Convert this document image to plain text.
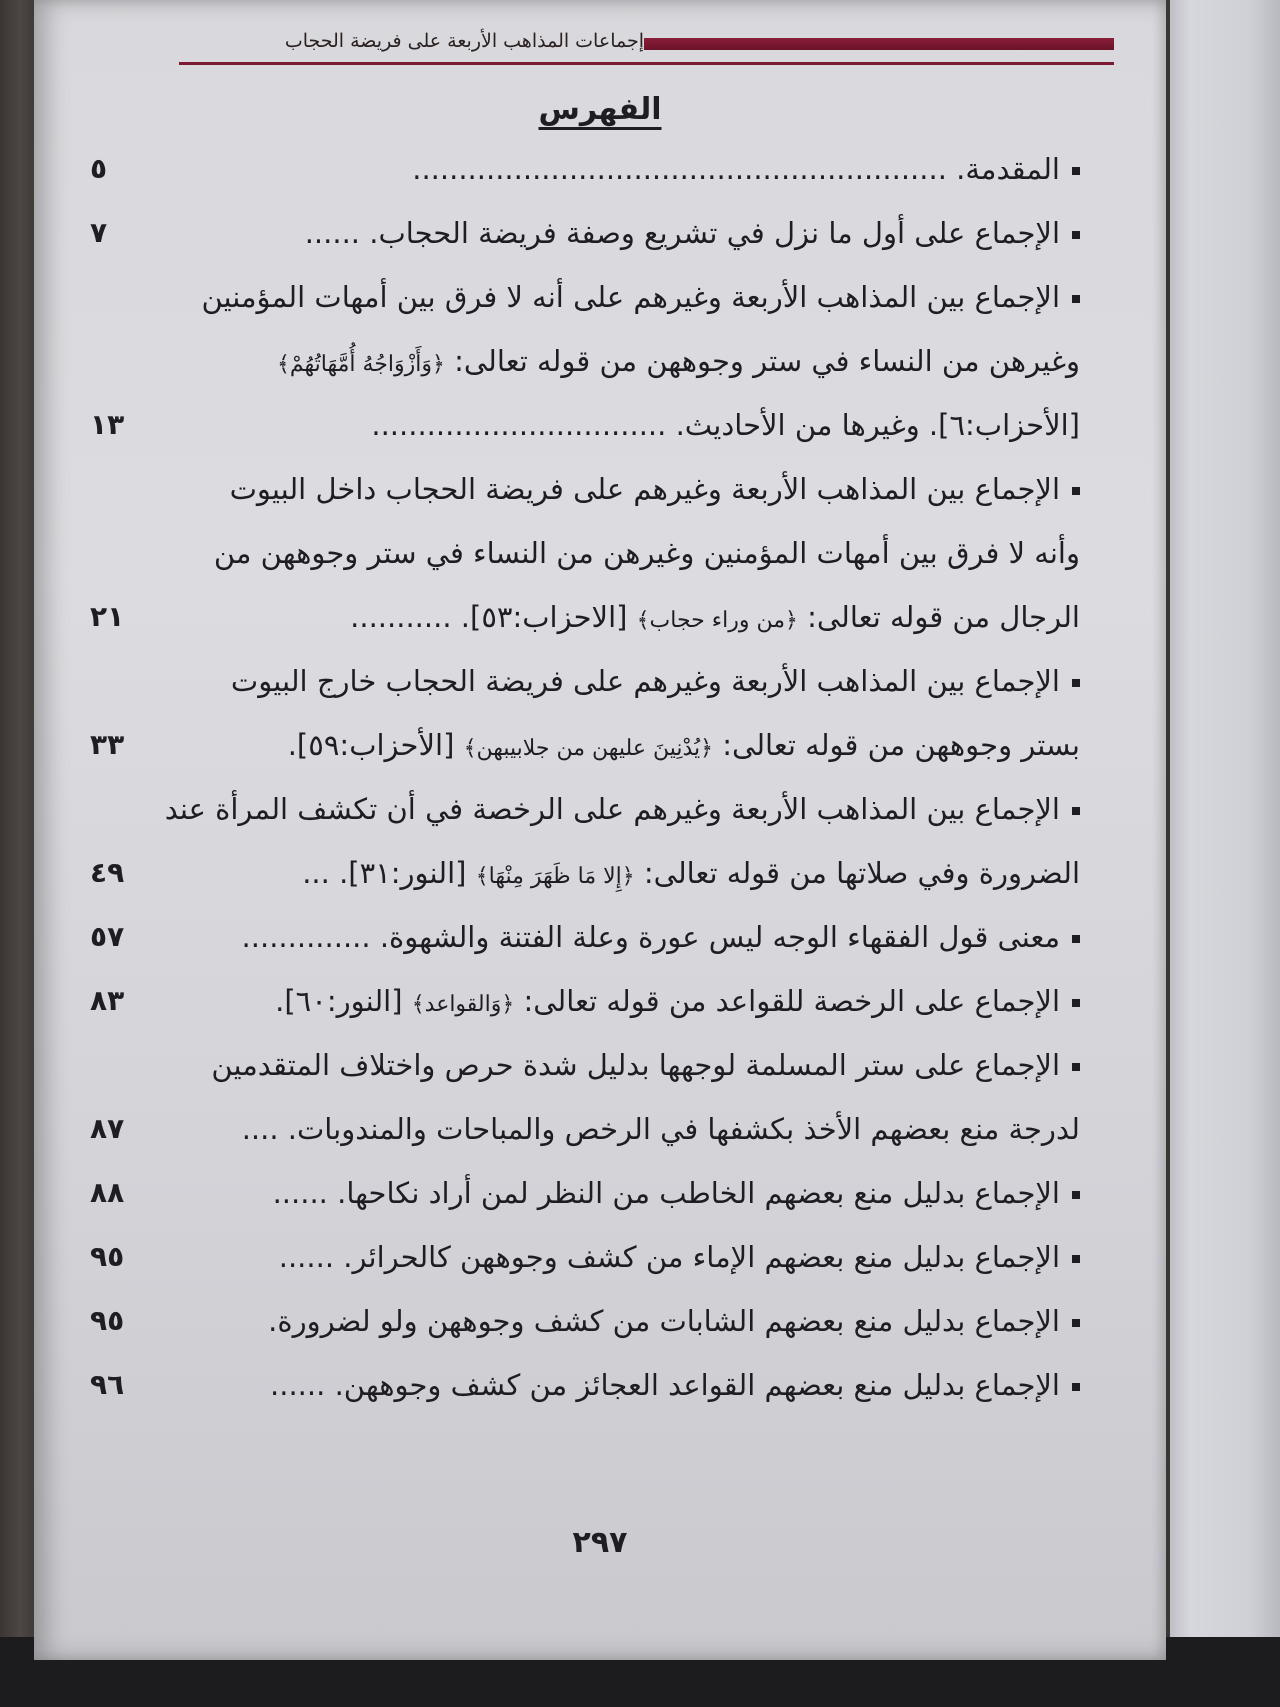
إجماعات المذاهب الأربعة على فريضة الحجاب
الفهرس
المقدمة. ..........................................................
٥
الإجماع على أول ما نزل في تشريع وصفة فريضة الحجاب. ......
٧
الإجماع بين المذاهب الأربعة وغيرهم على أنه لا فرق بين أمهات المؤمنين
وغيرهن من النساء في ستر وجوههن من قوله تعالى: ﴿وَأَزْوَاجُهُ أُمَّهَاتُهُمْ﴾
[الأحزاب:٦]. وغيرها من الأحاديث. ................................
١٣
الإجماع بين المذاهب الأربعة وغيرهم على فريضة الحجاب داخل البيوت
وأنه لا فرق بين أمهات المؤمنين وغيرهن من النساء في ستر وجوههن من
الرجال من قوله تعالى: ﴿من وراء حجاب﴾ [الاحزاب:٥٣]. ...........
٢١
الإجماع بين المذاهب الأربعة وغيرهم على فريضة الحجاب خارج البيوت
بستر وجوههن من قوله تعالى: ﴿يُدْنِينَ عليهن من جلابيبهن﴾ [الأحزاب:٥٩].
٣٣
الإجماع بين المذاهب الأربعة وغيرهم على الرخصة في أن تكشف المرأة عند
الضرورة وفي صلاتها من قوله تعالى: ﴿إِلا مَا ظَهَرَ مِنْهَا﴾ [النور:٣١]. ...
٤٩
معنى قول الفقهاء الوجه ليس عورة وعلة الفتنة والشهوة. ..............
٥٧
الإجماع على الرخصة للقواعد من قوله تعالى: ﴿وَالقواعد﴾ [النور:٦٠].
٨٣
الإجماع على ستر المسلمة لوجهها بدليل شدة حرص واختلاف المتقدمين
لدرجة منع بعضهم الأخذ بكشفها في الرخص والمباحات والمندوبات. ....
٨٧
الإجماع بدليل منع بعضهم الخاطب من النظر لمن أراد نكاحها. ......
٨٨
الإجماع بدليل منع بعضهم الإماء من كشف وجوههن كالحرائر. ......
٩٥
الإجماع بدليل منع بعضهم الشابات من كشف وجوههن ولو لضرورة.
٩٥
الإجماع بدليل منع بعضهم القواعد العجائز من كشف وجوههن. ......
٩٦
٢٩٧
